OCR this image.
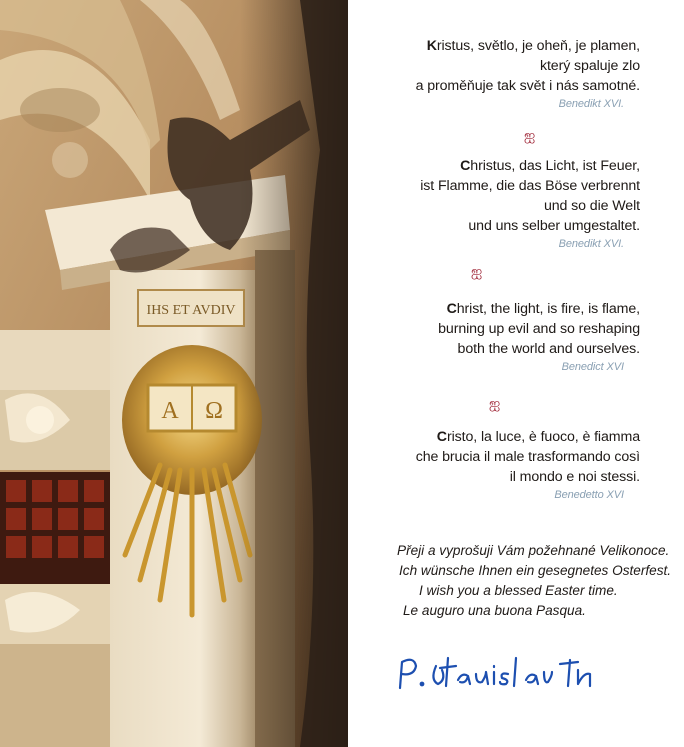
IHS ET AVDIV
A Ω
Kristus, světlo, je oheň, je plamen,
který spaluje zlo
a proměňuje tak svět i nás samotné.
Benedikt XVI.
ஐ
Christus, das Licht, ist Feuer,
ist Flamme, die das Böse verbrennt
und so die Welt
und uns selber umgestaltet.
Benedikt XVI.
ஐ
Christ, the light, is fire, is flame,
burning up evil and so reshaping
both the world and ourselves.
Benedict XVI
ஐ
Cristo, la luce, è fuoco, è fiamma
che brucia il male trasformando così
il mondo e noi stessi.
Benedetto XVI
Přeji a vyprošuji Vám požehnané Velikonoce.
Ich wünsche Ihnen ein gesegnetes Osterfest.
I wish you a blessed Easter time.
Le auguro una buona Pasqua.
